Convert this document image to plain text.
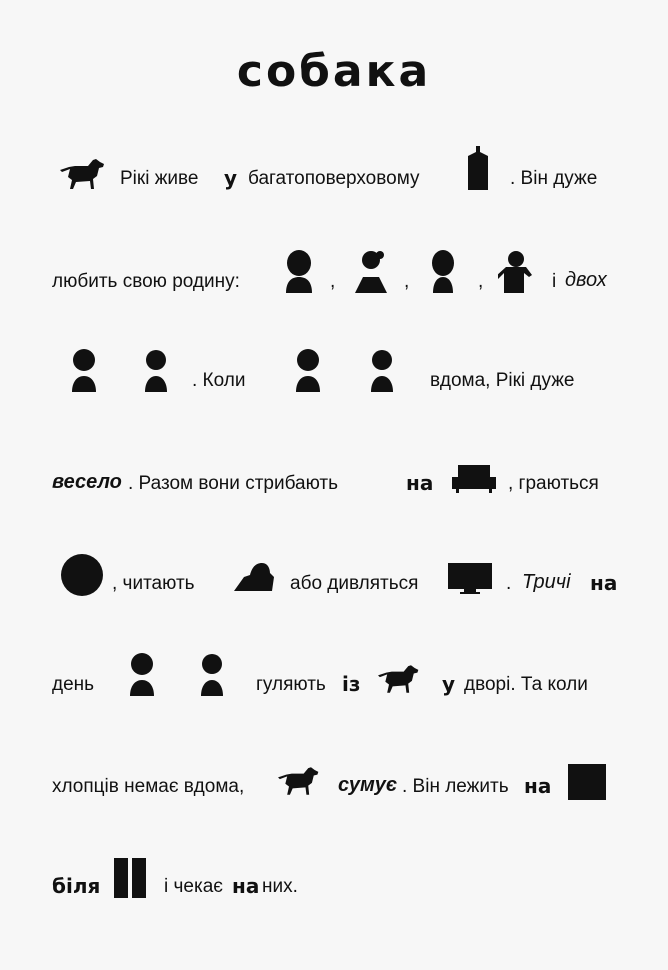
собака
Рікі живе у багатоповерховому	. Він дуже
любить свою родину:	,	,	,	і двох
. Коли	вдома, Рікі дуже
весело . Разом вони стрибають	на	, граються
, читають	або дивляться	. Тричі на
день	гуляють із	у дворі. Та коли
хлопців немає вдома,	сумує . Він лежить на
біля	і чекає на них.
